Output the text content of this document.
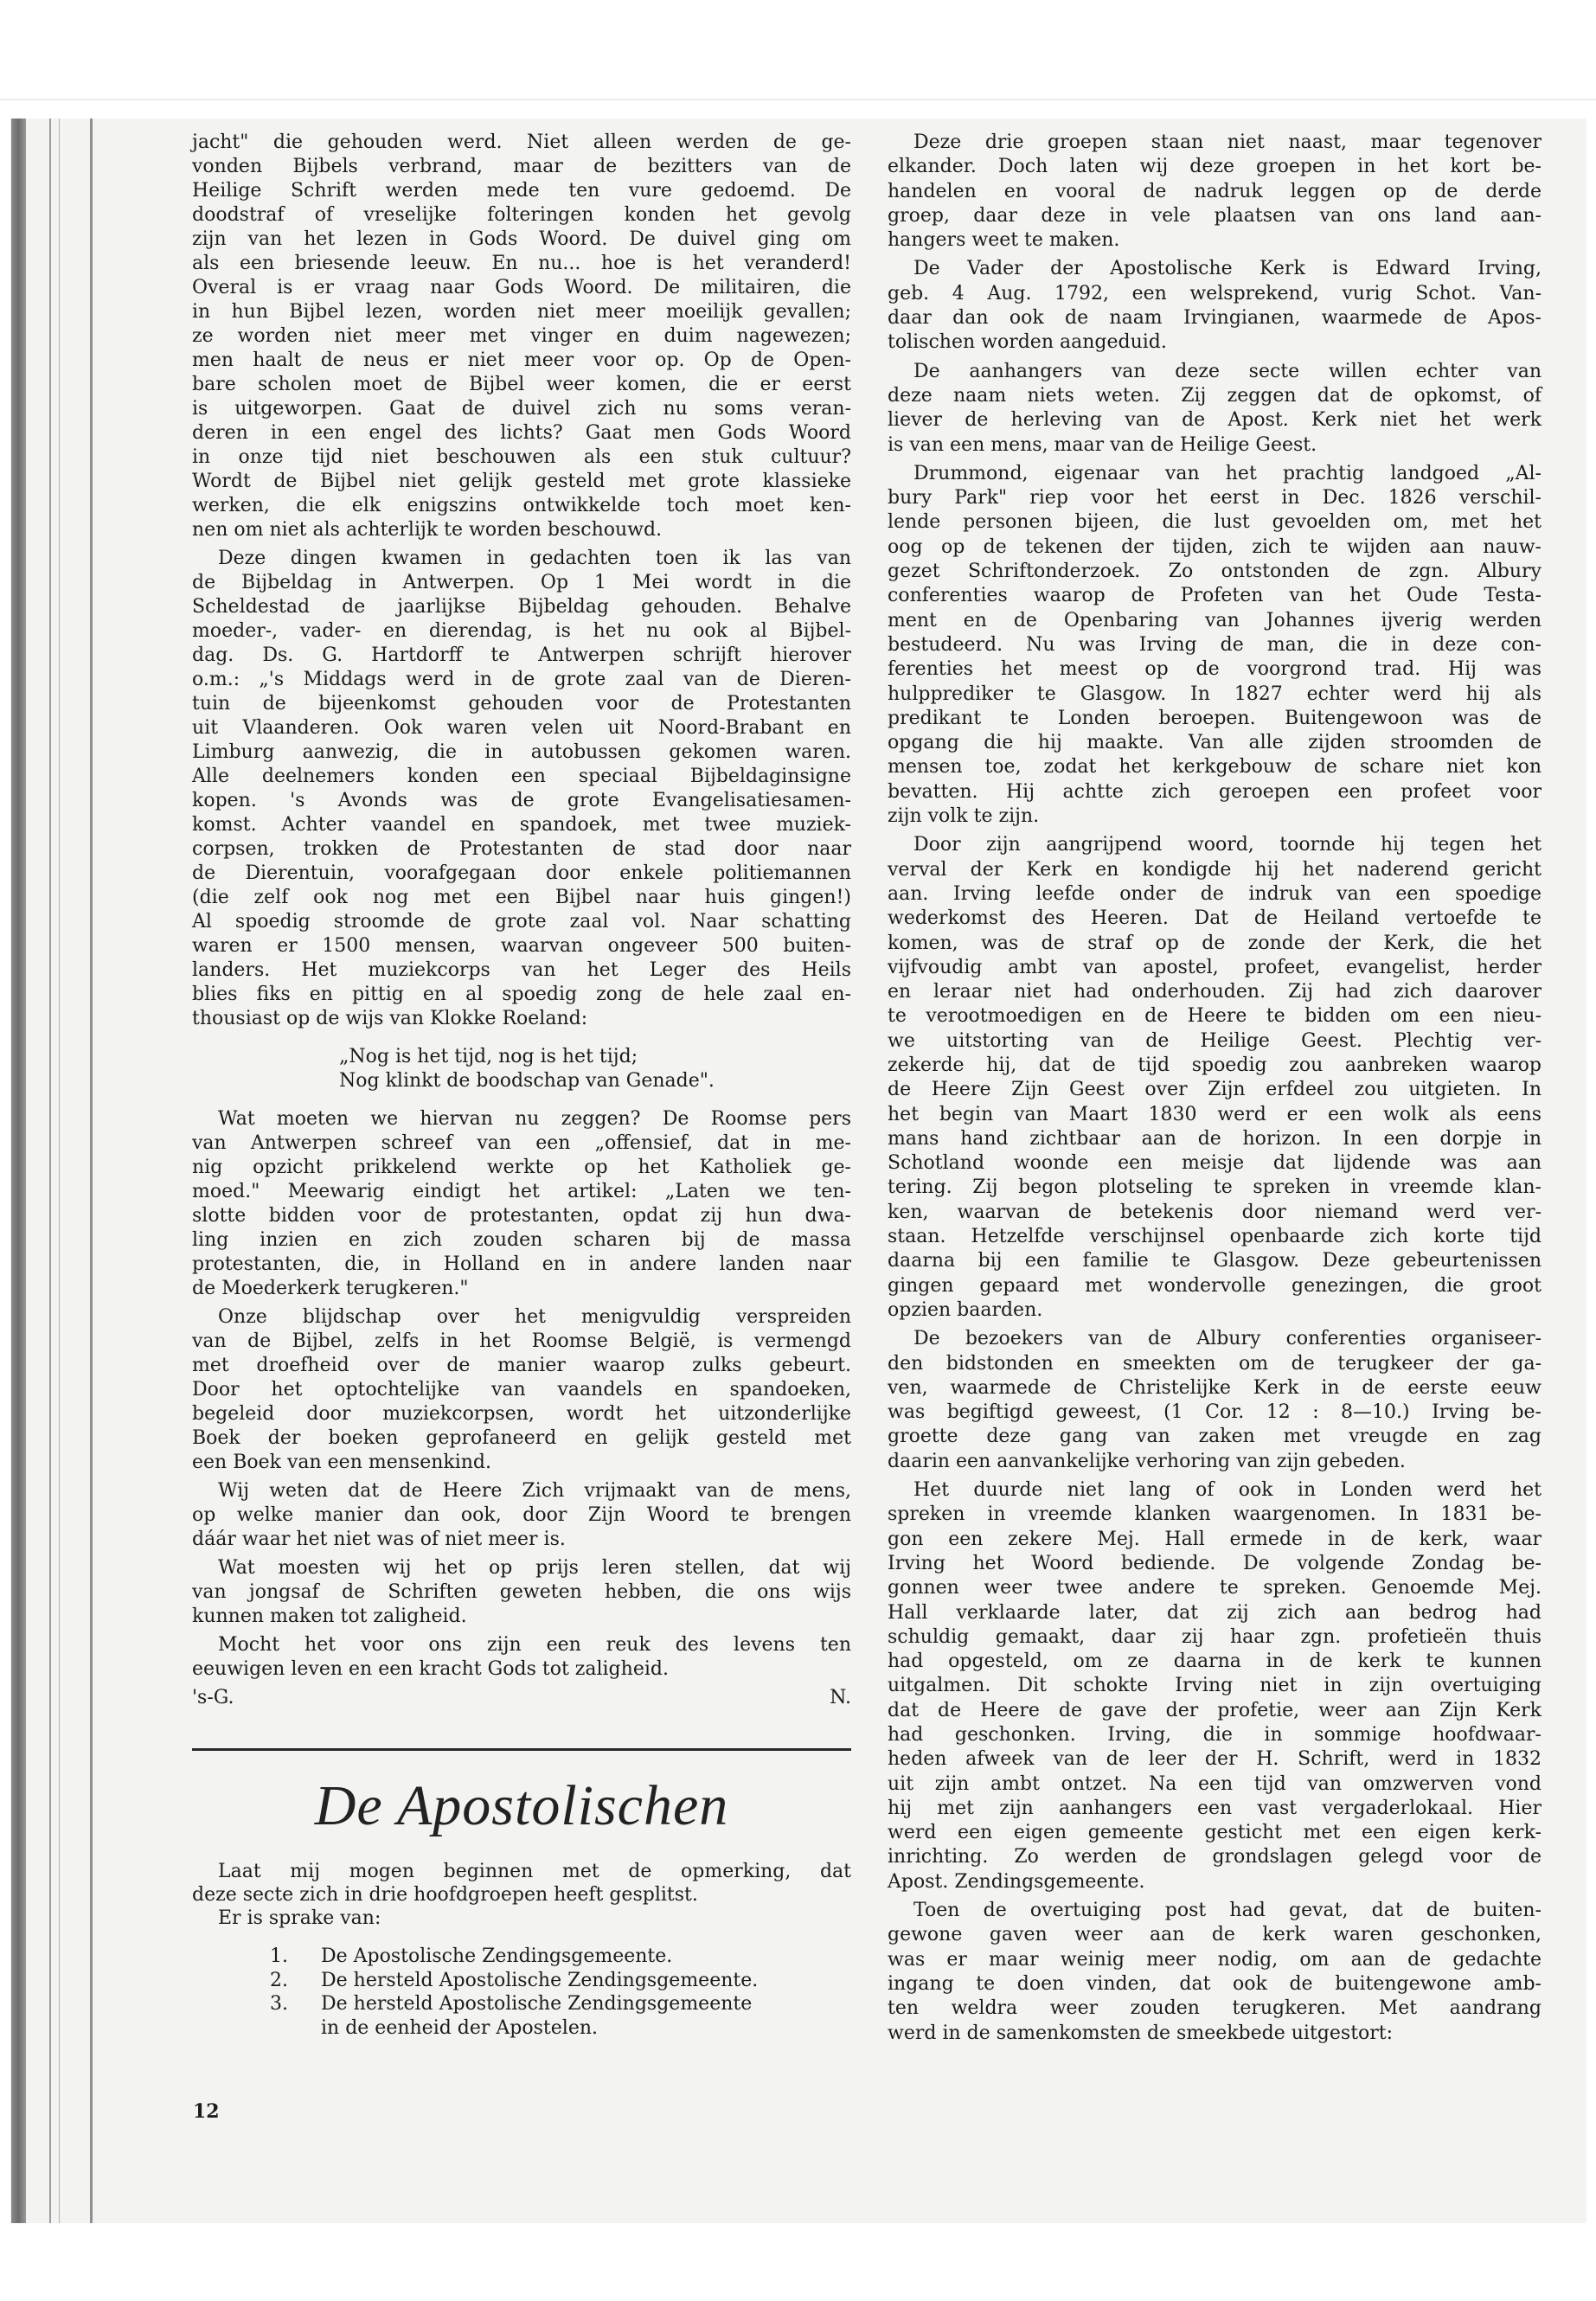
jacht" die gehouden werd. Niet alleen werden de ge-
vonden Bijbels verbrand, maar de bezitters van de
Heilige Schrift werden mede ten vure gedoemd. De
doodstraf of vreselijke folteringen konden het gevolg
zijn van het lezen in Gods Woord. De duivel ging om
als een briesende leeuw. En nu... hoe is het veranderd!
Overal is er vraag naar Gods Woord. De militairen, die
in hun Bijbel lezen, worden niet meer moeilijk gevallen;
ze worden niet meer met vinger en duim nagewezen;
men haalt de neus er niet meer voor op. Op de Open-
bare scholen moet de Bijbel weer komen, die er eerst
is uitgeworpen. Gaat de duivel zich nu soms veran-
deren in een engel des lichts? Gaat men Gods Woord
in onze tijd niet beschouwen als een stuk cultuur?
Wordt de Bijbel niet gelijk gesteld met grote klassieke
werken, die elk enigszins ontwikkelde toch moet ken-
nen om niet als achterlijk te worden beschouwd.
Deze dingen kwamen in gedachten toen ik las van
de Bijbeldag in Antwerpen. Op 1 Mei wordt in die
Scheldestad de jaarlijkse Bijbeldag gehouden. Behalve
moeder-, vader- en dierendag, is het nu ook al Bijbel-
dag. Ds. G. Hartdorff te Antwerpen schrijft hierover
o.m.: „'s Middags werd in de grote zaal van de Dieren-
tuin de bijeenkomst gehouden voor de Protestanten
uit Vlaanderen. Ook waren velen uit Noord-Brabant en
Limburg aanwezig, die in autobussen gekomen waren.
Alle deelnemers konden een speciaal Bijbeldaginsigne
kopen. 's Avonds was de grote Evangelisatiesamen-
komst. Achter vaandel en spandoek, met twee muziek-
corpsen, trokken de Protestanten de stad door naar
de Dierentuin, voorafgegaan door enkele politiemannen
(die zelf ook nog met een Bijbel naar huis gingen!)
Al spoedig stroomde de grote zaal vol. Naar schatting
waren er 1500 mensen, waarvan ongeveer 500 buiten-
landers. Het muziekcorps van het Leger des Heils
blies fiks en pittig en al spoedig zong de hele zaal en-
thousiast op de wijs van Klokke Roeland:
„Nog is het tijd, nog is het tijd;
Nog klinkt de boodschap van Genade".
Wat moeten we hiervan nu zeggen? De Roomse pers
van Antwerpen schreef van een „offensief, dat in me-
nig opzicht prikkelend werkte op het Katholiek ge-
moed." Meewarig eindigt het artikel: „Laten we ten-
slotte bidden voor de protestanten, opdat zij hun dwa-
ling inzien en zich zouden scharen bij de massa
protestanten, die, in Holland en in andere landen naar
de Moederkerk terugkeren."
Onze blijdschap over het menigvuldig verspreiden
van de Bijbel, zelfs in het Roomse België, is vermengd
met droefheid over de manier waarop zulks gebeurt.
Door het optochtelijke van vaandels en spandoeken,
begeleid door muziekcorpsen, wordt het uitzonderlijke
Boek der boeken geprofaneerd en gelijk gesteld met
een Boek van een mensenkind.
Wij weten dat de Heere Zich vrijmaakt van de mens,
op welke manier dan ook, door Zijn Woord te brengen
dáár waar het niet was of niet meer is.
Wat moesten wij het op prijs leren stellen, dat wij
van jongsaf de Schriften geweten hebben, die ons wijs
kunnen maken tot zaligheid.
Mocht het voor ons zijn een reuk des levens ten
eeuwigen leven en een kracht Gods tot zaligheid.
's-G.	N.
De Apostolischen
Laat mij mogen beginnen met de opmerking, dat
deze secte zich in drie hoofdgroepen heeft gesplitst.
Er is sprake van:
1.	De Apostolische Zendingsgemeente.
2.	De hersteld Apostolische Zendingsgemeente.
3.	De hersteld Apostolische Zendingsgemeente
in de eenheid der Apostelen.
Deze drie groepen staan niet naast, maar tegenover
elkander. Doch laten wij deze groepen in het kort be-
handelen en vooral de nadruk leggen op de derde
groep, daar deze in vele plaatsen van ons land aan-
hangers weet te maken.
De Vader der Apostolische Kerk is Edward Irving,
geb. 4 Aug. 1792, een welsprekend, vurig Schot. Van-
daar dan ook de naam Irvingianen, waarmede de Apos-
tolischen worden aangeduid.
De aanhangers van deze secte willen echter van
deze naam niets weten. Zij zeggen dat de opkomst, of
liever de herleving van de Apost. Kerk niet het werk
is van een mens, maar van de Heilige Geest.
Drummond, eigenaar van het prachtig landgoed „Al-
bury Park" riep voor het eerst in Dec. 1826 verschil-
lende personen bijeen, die lust gevoelden om, met het
oog op de tekenen der tijden, zich te wijden aan nauw-
gezet Schriftonderzoek. Zo ontstonden de zgn. Albury
conferenties waarop de Profeten van het Oude Testa-
ment en de Openbaring van Johannes ijverig werden
bestudeerd. Nu was Irving de man, die in deze con-
ferenties het meest op de voorgrond trad. Hij was
hulpprediker te Glasgow. In 1827 echter werd hij als
predikant te Londen beroepen. Buitengewoon was de
opgang die hij maakte. Van alle zijden stroomden de
mensen toe, zodat het kerkgebouw de schare niet kon
bevatten. Hij achtte zich geroepen een profeet voor
zijn volk te zijn.
Door zijn aangrijpend woord, toornde hij tegen het
verval der Kerk en kondigde hij het naderend gericht
aan. Irving leefde onder de indruk van een spoedige
wederkomst des Heeren. Dat de Heiland vertoefde te
komen, was de straf op de zonde der Kerk, die het
vijfvoudig ambt van apostel, profeet, evangelist, herder
en leraar niet had onderhouden. Zij had zich daarover
te verootmoedigen en de Heere te bidden om een nieu-
we uitstorting van de Heilige Geest. Plechtig ver-
zekerde hij, dat de tijd spoedig zou aanbreken waarop
de Heere Zijn Geest over Zijn erfdeel zou uitgieten. In
het begin van Maart 1830 werd er een wolk als eens
mans hand zichtbaar aan de horizon. In een dorpje in
Schotland woonde een meisje dat lijdende was aan
tering. Zij begon plotseling te spreken in vreemde klan-
ken, waarvan de betekenis door niemand werd ver-
staan. Hetzelfde verschijnsel openbaarde zich korte tijd
daarna bij een familie te Glasgow. Deze gebeurtenissen
gingen gepaard met wondervolle genezingen, die groot
opzien baarden.
De bezoekers van de Albury conferenties organiseer-
den bidstonden en smeekten om de terugkeer der ga-
ven, waarmede de Christelijke Kerk in de eerste eeuw
was begiftigd geweest, (1 Cor. 12 : 8—10.) Irving be-
groette deze gang van zaken met vreugde en zag
daarin een aanvankelijke verhoring van zijn gebeden.
Het duurde niet lang of ook in Londen werd het
spreken in vreemde klanken waargenomen. In 1831 be-
gon een zekere Mej. Hall ermede in de kerk, waar
Irving het Woord bediende. De volgende Zondag be-
gonnen weer twee andere te spreken. Genoemde Mej.
Hall verklaarde later, dat zij zich aan bedrog had
schuldig gemaakt, daar zij haar zgn. profetieën thuis
had opgesteld, om ze daarna in de kerk te kunnen
uitgalmen. Dit schokte Irving niet in zijn overtuiging
dat de Heere de gave der profetie, weer aan Zijn Kerk
had geschonken. Irving, die in sommige hoofdwaar-
heden afweek van de leer der H. Schrift, werd in 1832
uit zijn ambt ontzet. Na een tijd van omzwerven vond
hij met zijn aanhangers een vast vergaderlokaal. Hier
werd een eigen gemeente gesticht met een eigen kerk-
inrichting. Zo werden de grondslagen gelegd voor de
Apost. Zendingsgemeente.
Toen de overtuiging post had gevat, dat de buiten-
gewone gaven weer aan de kerk waren geschonken,
was er maar weinig meer nodig, om aan de gedachte
ingang te doen vinden, dat ook de buitengewone amb-
ten weldra weer zouden terugkeren. Met aandrang
werd in de samenkomsten de smeekbede uitgestort:
12
